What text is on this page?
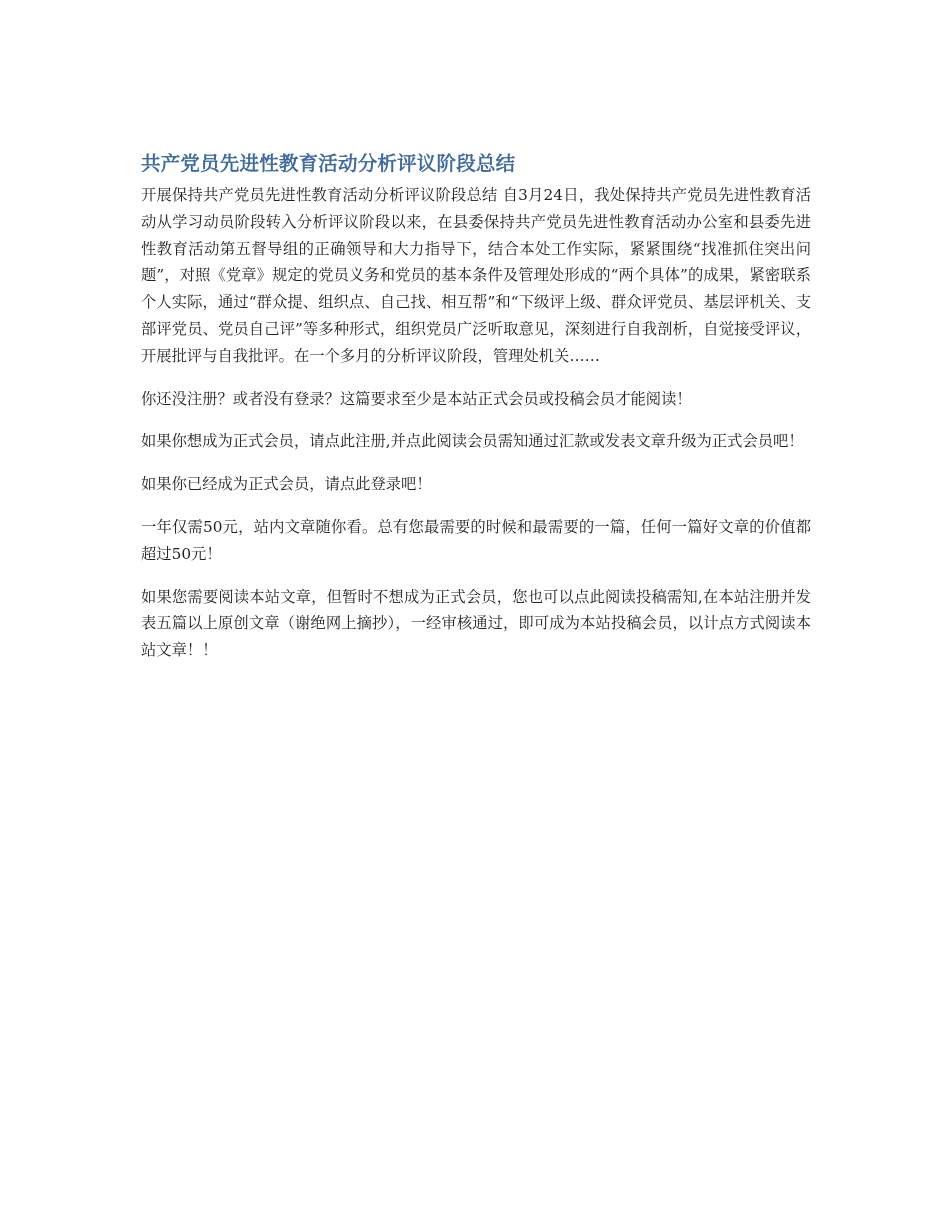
共产党员先进性教育活动分析评议阶段总结

开展保持共产党员先进性教育活动分析评议阶段总结 自3月24日，我处保持共产党员先进性教育活动从学习动员阶段转入分析评议阶段以来，在县委保持共产党员先进性教育活动办公室和县委先进性教育活动第五督导组的正确领导和大力指导下，结合本处工作实际，紧紧围绕“找准抓住突出问题”，对照《党章》规定的党员义务和党员的基本条件及管理处形成的“两个具体”的成果，紧密联系个人实际，通过“群众提、组织点、自己找、相互帮”和“下级评上级、群众评党员、基层评机关、支部评党员、党员自己评”等多种形式，组织党员广泛听取意见，深刻进行自我剖析，自觉接受评议，开展批评与自我批评。在一个多月的分析评议阶段，管理处机关……

你还没注册？或者没有登录？这篇要求至少是本站正式会员或投稿会员才能阅读！

如果你想成为正式会员，请点此注册,并点此阅读会员需知通过汇款或发表文章升级为正式会员吧！

如果你已经成为正式会员，请点此登录吧！

一年仅需50元，站内文章随你看。总有您最需要的时候和最需要的一篇，任何一篇好文章的价值都超过50元！

如果您需要阅读本站文章，但暂时不想成为正式会员，您也可以点此阅读投稿需知,在本站注册并发表五篇以上原创文章（谢绝网上摘抄），一经审核通过，即可成为本站投稿会员，以计点方式阅读本站文章！！
